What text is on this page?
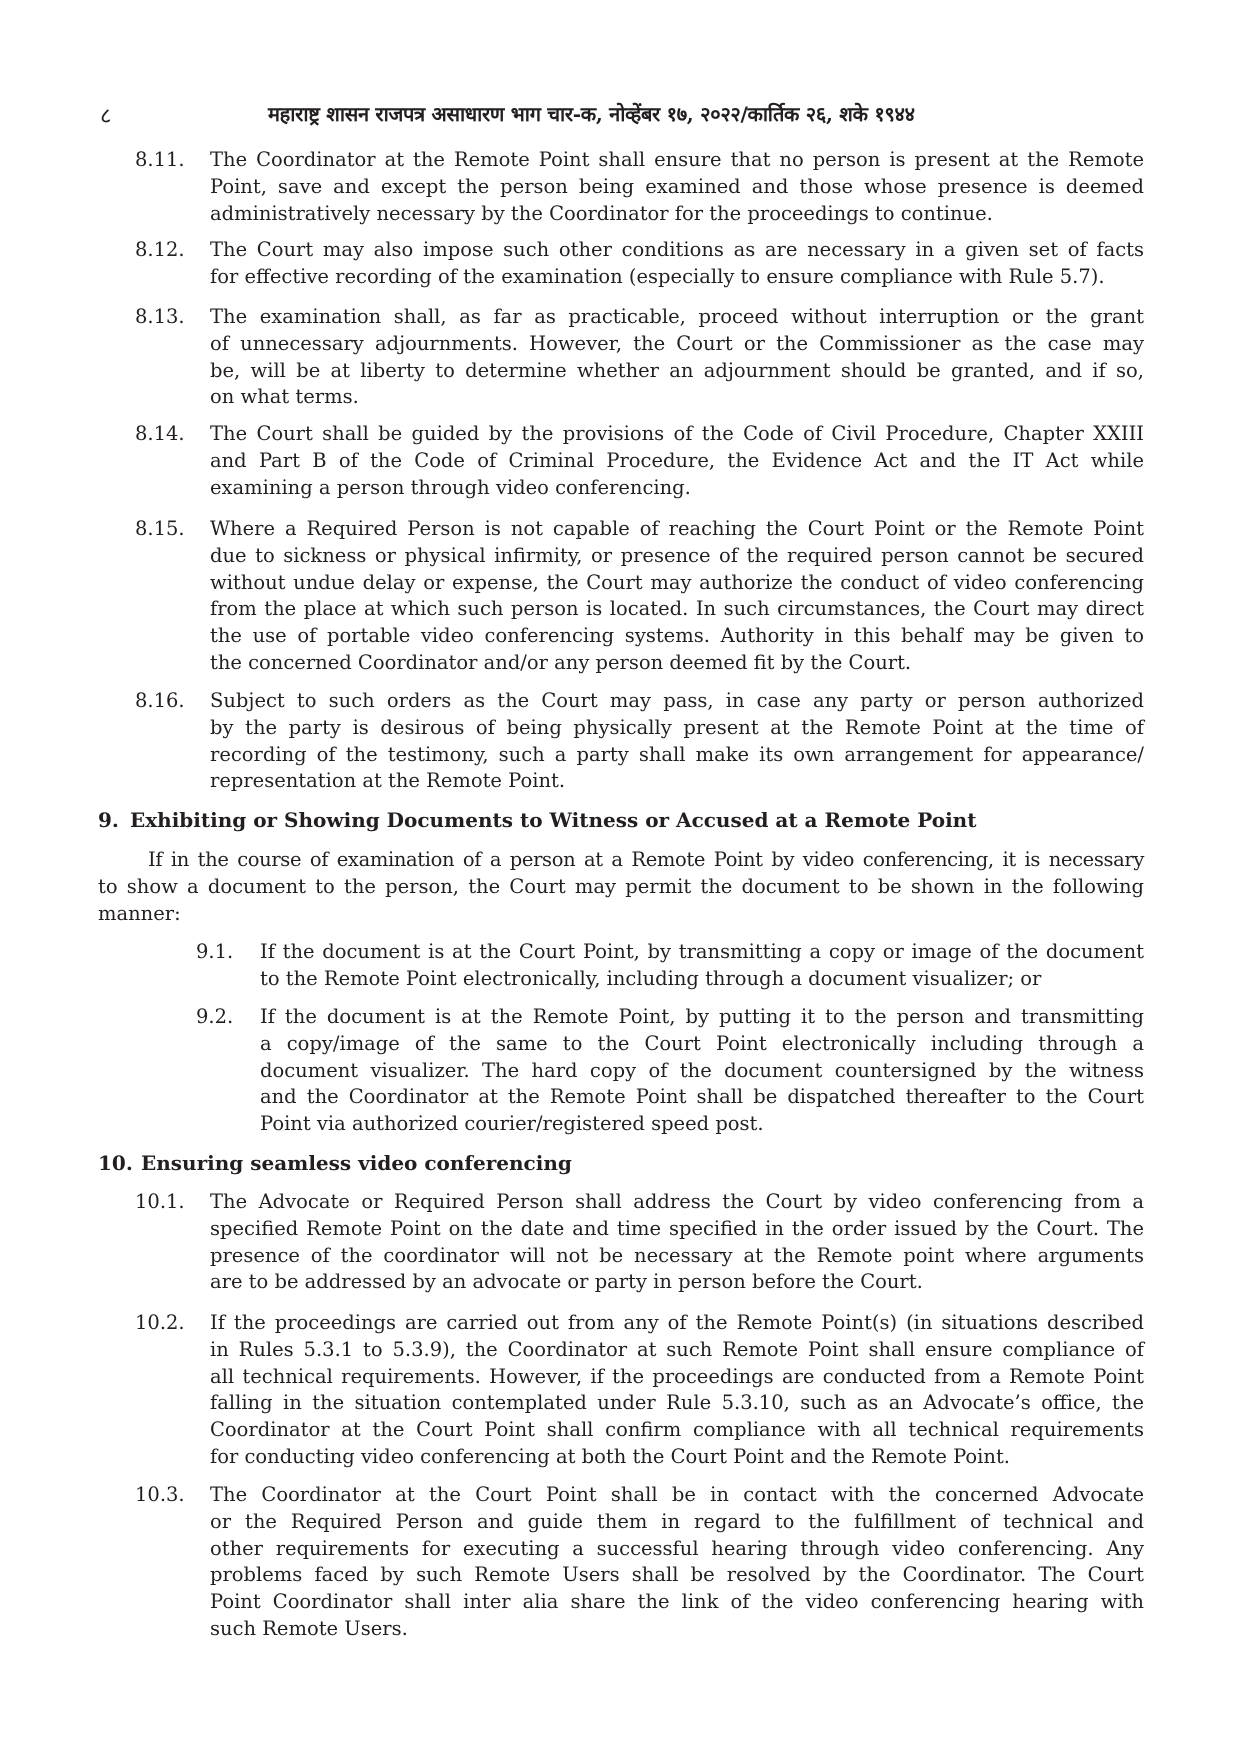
८	महाराष्ट्र शासन राजपत्र असाधारण भाग चार-क, नोव्हेंबर १७, २०२२/कार्तिक २६, शके १९४४
8.11. The Coordinator at the Remote Point shall ensure that no person is present at the Remote
Point, save and except the person being examined and those whose presence is deemed
administratively necessary by the Coordinator for the proceedings to continue.
8.12. The Court may also impose such other conditions as are necessary in a given set of facts
for effective recording of the examination (especially to ensure compliance with Rule 5.7).
8.13. The examination shall, as far as practicable, proceed without interruption or the grant
of unnecessary adjournments. However, the Court or the Commissioner as the case may
be, will be at liberty to determine whether an adjournment should be granted, and if so,
on what terms.
8.14. The Court shall be guided by the provisions of the Code of Civil Procedure, Chapter XXIII
and Part B of the Code of Criminal Procedure, the Evidence Act and the IT Act while
examining a person through video conferencing.
8.15. Where a Required Person is not capable of reaching the Court Point or the Remote Point
due to sickness or physical infirmity, or presence of the required person cannot be secured
without undue delay or expense, the Court may authorize the conduct of video conferencing
from the place at which such person is located. In such circumstances, the Court may direct
the use of portable video conferencing systems. Authority in this behalf may be given to
the concerned Coordinator and/or any person deemed fit by the Court.
8.16. Subject to such orders as the Court may pass, in case any party or person authorized
by the party is desirous of being physically present at the Remote Point at the time of
recording of the testimony, such a party shall make its own arrangement for appearance/
representation at the Remote Point.
9. Exhibiting or Showing Documents to Witness or Accused at a Remote Point
If in the course of examination of a person at a Remote Point by video conferencing, it is necessary
to show a document to the person, the Court may permit the document to be shown in the following
manner:
9.1. If the document is at the Court Point, by transmitting a copy or image of the document
to the Remote Point electronically, including through a document visualizer; or
9.2. If the document is at the Remote Point, by putting it to the person and transmitting
a copy/image of the same to the Court Point electronically including through a
document visualizer. The hard copy of the document countersigned by the witness
and the Coordinator at the Remote Point shall be dispatched thereafter to the Court
Point via authorized courier/registered speed post.
10. Ensuring seamless video conferencing
10.1. The Advocate or Required Person shall address the Court by video conferencing from a
specified Remote Point on the date and time specified in the order issued by the Court. The
presence of the coordinator will not be necessary at the Remote point where arguments
are to be addressed by an advocate or party in person before the Court.
10.2. If the proceedings are carried out from any of the Remote Point(s) (in situations described
in Rules 5.3.1 to 5.3.9), the Coordinator at such Remote Point shall ensure compliance of
all technical requirements. However, if the proceedings are conducted from a Remote Point
falling in the situation contemplated under Rule 5.3.10, such as an Advocate’s office, the
Coordinator at the Court Point shall confirm compliance with all technical requirements
for conducting video conferencing at both the Court Point and the Remote Point.
10.3. The Coordinator at the Court Point shall be in contact with the concerned Advocate
or the Required Person and guide them in regard to the fulfillment of technical and
other requirements for executing a successful hearing through video conferencing. Any
problems faced by such Remote Users shall be resolved by the Coordinator. The Court
Point Coordinator shall inter alia share the link of the video conferencing hearing with
such Remote Users.
